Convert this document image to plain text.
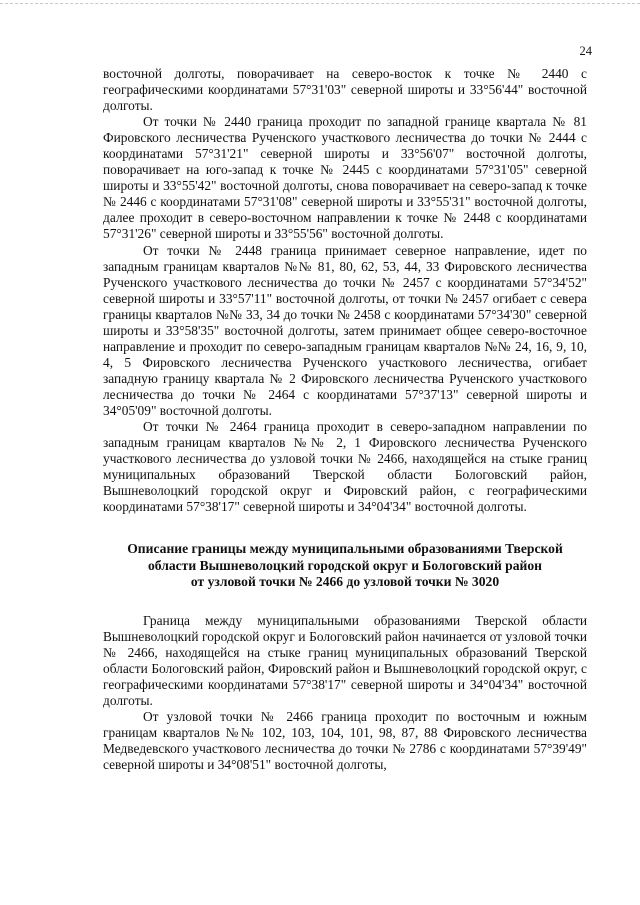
24

восточной долготы, поворачивает на северо-восток к точке № 2440 с географическими координатами 57°31'03" северной широты и 33°56'44" восточной долготы.

От точки № 2440 граница проходит по западной границе квартала № 81 Фировского лесничества Рученского участкового лесничества до точки № 2444 с координатами 57°31'21" северной широты и 33°56'07" восточной долготы, поворачивает на юго-запад к точке № 2445 с координатами 57°31'05" северной широты и 33°55'42" восточной долготы, снова поворачивает на северо-запад к точке № 2446 с координатами 57°31'08" северной широты и 33°55'31" восточной долготы, далее проходит в северо-восточном направлении к точке № 2448 с координатами 57°31'26" северной широты и 33°55'56" восточной долготы.

От точки № 2448 граница принимает северное направление, идет по западным границам кварталов №№ 81, 80, 62, 53, 44, 33 Фировского лесничества Рученского участкового лесничества до точки № 2457 с координатами 57°34'52" северной широты и 33°57'11" восточной долготы, от точки № 2457 огибает с севера границы кварталов №№ 33, 34 до точки № 2458 с координатами 57°34'30" северной широты и 33°58'35" восточной долготы, затем принимает общее северо-восточное направление и проходит по северо-западным границам кварталов №№ 24, 16, 9, 10, 4, 5 Фировского лесничества Рученского участкового лесничества, огибает западную границу квартала № 2 Фировского лесничества Рученского участкового лесничества до точки № 2464 с координатами 57°37'13" северной широты и 34°05'09" восточной долготы.

От точки № 2464 граница проходит в северо-западном направлении по западным границам кварталов №№ 2, 1 Фировского лесничества Рученского участкового лесничества до узловой точки № 2466, находящейся на стыке границ муниципальных образований Тверской области Бологовский район, Вышневолоцкий городской округ и Фировский район, с географическими координатами 57°38'17" северной широты и 34°04'34" восточной долготы.

Описание границы между муниципальными образованиями Тверской
области Вышневолоцкий городской округ и Бологовский район
от узловой точки № 2466 до узловой точки № 3020

Граница между муниципальными образованиями Тверской области Вышневолоцкий городской округ и Бологовский район начинается от узловой точки № 2466, находящейся на стыке границ муниципальных образований Тверской области Бологовский район, Фировский район и Вышневолоцкий городской округ, с географическими координатами 57°38'17" северной широты и 34°04'34" восточной долготы.

От узловой точки № 2466 граница проходит по восточным и южным границам кварталов №№ 102, 103, 104, 101, 98, 87, 88 Фировского лесничества Медведевского участкового лесничества до точки № 2786 с координатами 57°39'49" северной широты и 34°08'51" восточной долготы,
